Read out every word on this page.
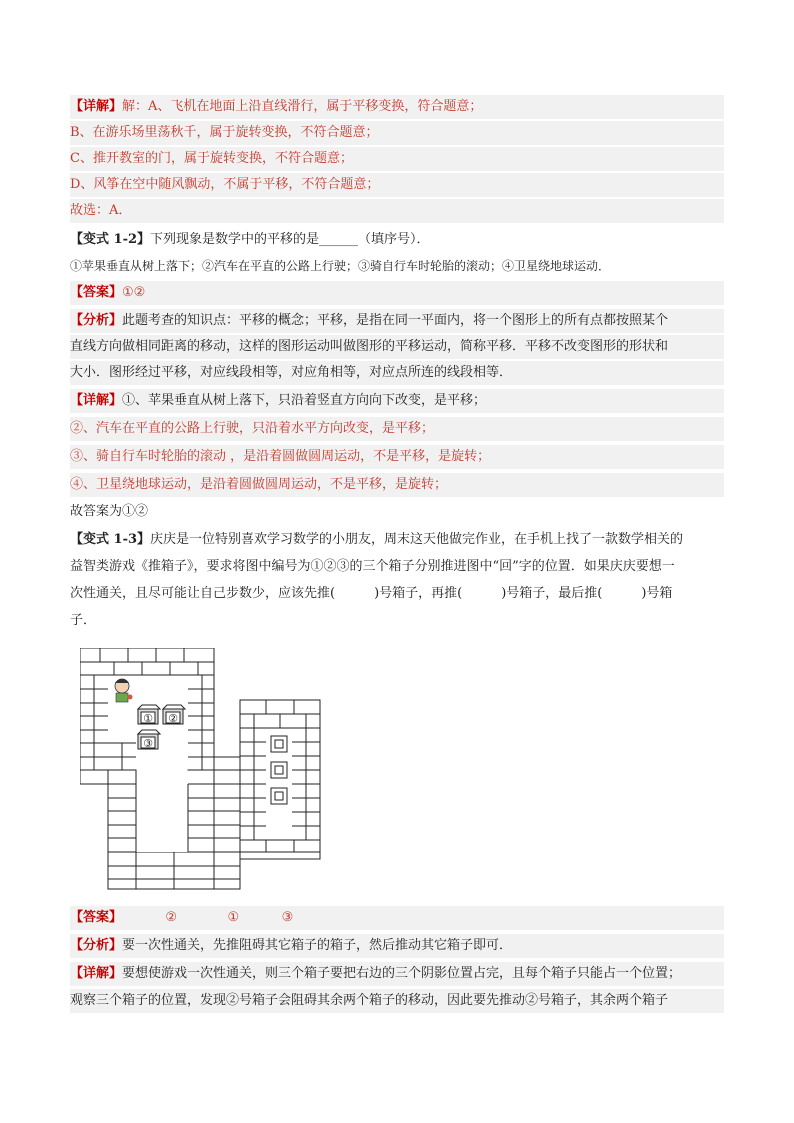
【详解】解：A、飞机在地面上沿直线滑行，属于平移变换，符合题意；
B、在游乐场里荡秋千，属于旋转变换，不符合题意；
C、推开教室的门，属于旋转变换，不符合题意；
D、风筝在空中随风飘动，不属于平移，不符合题意；
故选：A．
【变式 1-2】下列现象是数学中的平移的是______（填序号）．
①苹果垂直从树上落下；②汽车在平直的公路上行驶；③骑自行车时轮胎的滚动；④卫星绕地球运动．
【答案】①②
【分析】此题考查的知识点：平移的概念；平移，是指在同一平面内，将一个图形上的所有点都按照某个
直线方向做相同距离的移动，这样的图形运动叫做图形的平移运动，简称平移．平移不改变图形的形状和
大小．图形经过平移，对应线段相等，对应角相等，对应点所连的线段相等．
【详解】①、苹果垂直从树上落下，只沿着竖直方向向下改变，是平移；
②、汽车在平直的公路上行驶，只沿着水平方向改变，是平移；
③、骑自行车时轮胎的滚动 ，是沿着圆做圆周运动，不是平移，是旋转；
④、卫星绕地球运动，是沿着圆做圆周运动，不是平移，是旋转；
故答案为①②
【变式 1-3】庆庆是一位特别喜欢学习数学的小朋友，周末这天他做完作业，在手机上找了一款数学相关的
益智类游戏《推箱子》，要求将图中编号为①②③的三个箱子分别推进图中“回”字的位置．如果庆庆要想一
次性通关，且尽可能让自己步数少，应该先推(　　　)号箱子，再推(　　　)号箱子，最后推(　　　)号箱
子．
① ②
③
【答案】	②	①	③
【分析】要一次性通关，先推阻碍其它箱子的箱子，然后推动其它箱子即可．
【详解】要想使游戏一次性通关，则三个箱子要把右边的三个阴影位置占完，且每个箱子只能占一个位置；
观察三个箱子的位置，发现②号箱子会阻碍其余两个箱子的移动，因此要先推动②号箱子，其余两个箱子
